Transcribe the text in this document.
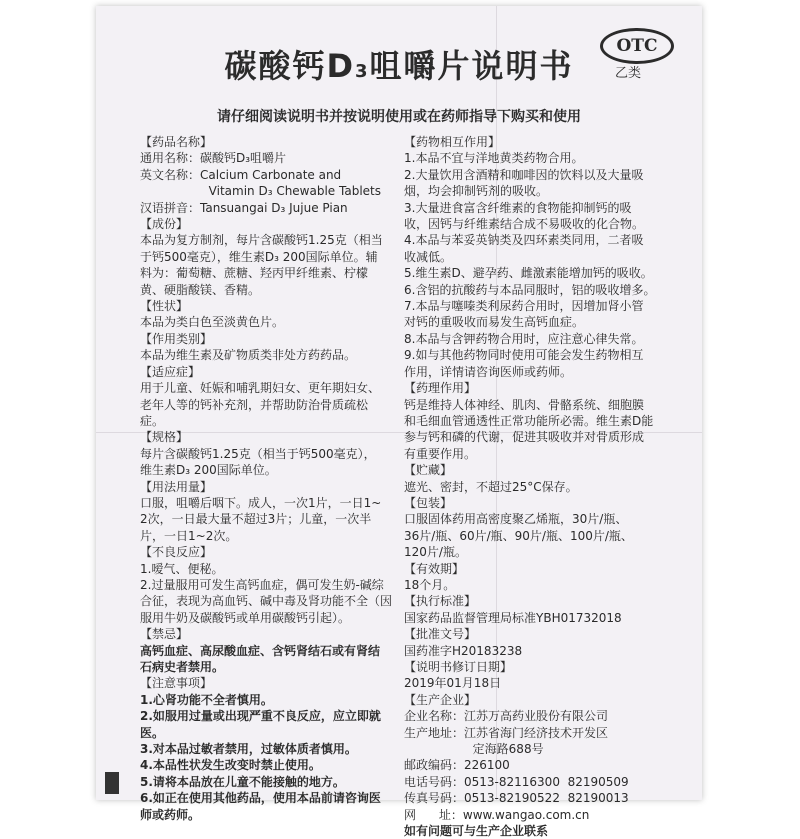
OTC
乙类
碳酸钙D3咀嚼片说明书
请仔细阅读说明书并按说明使用或在药师指导下购买和使用

【药品名称】

通用名称：碳酸钙D₃咀嚼片

英文名称：Calcium Carbonate and

Vitamin D₃ Chewable Tablets

汉语拼音：Tansuangai D₃ Jujue Pian

【成份】

本品为复方制剂，每片含碳酸钙1.25克（相当

于钙500毫克），维生素D₃ 200国际单位。辅

料为：葡萄糖、蔗糖、羟丙甲纤维素、柠檬

黄、硬脂酸镁、香精。

【性状】

本品为类白色至淡黄色片。

【作用类别】

本品为维生素及矿物质类非处方药药品。

【适应症】

用于儿童、妊娠和哺乳期妇女、更年期妇女、

老年人等的钙补充剂，并帮助防治骨质疏松

症。

【规格】

每片含碳酸钙1.25克（相当于钙500毫克），

维生素D₃ 200国际单位。

【用法用量】

口服，咀嚼后咽下。成人，一次1片，一日1~

2次，一日最大量不超过3片；儿童，一次半

片，一日1~2次。

【不良反应】

1.嗳气、便秘。

2.过量服用可发生高钙血症，偶可发生奶-碱综

合征，表现为高血钙、碱中毒及肾功能不全（因

服用牛奶及碳酸钙或单用碳酸钙引起）。

【禁忌】

高钙血症、高尿酸血症、含钙肾结石或有肾结

石病史者禁用。

【注意事项】

1.心肾功能不全者慎用。

2.如服用过量或出现严重不良反应，应立即就

医。

3.对本品过敏者禁用，过敏体质者慎用。

4.本品性状发生改变时禁止使用。

5.请将本品放在儿童不能接触的地方。

6.如正在使用其他药品，使用本品前请咨询医

师或药师。

【药物相互作用】

1.本品不宜与洋地黄类药物合用。

2.大量饮用含酒精和咖啡因的饮料以及大量吸

烟，均会抑制钙剂的吸收。

3.大量进食富含纤维素的食物能抑制钙的吸

收，因钙与纤维素结合成不易吸收的化合物。

4.本品与苯妥英钠类及四环素类同用，二者吸

收减低。

5.维生素D、避孕药、雌激素能增加钙的吸收。

6.含铝的抗酸药与本品同服时，铝的吸收增多。

7.本品与噻嗪类利尿药合用时，因增加肾小管

对钙的重吸收而易发生高钙血症。

8.本品与含钾药物合用时，应注意心律失常。

9.如与其他药物同时使用可能会发生药物相互

作用，详情请咨询医师或药师。

【药理作用】

钙是维持人体神经、肌肉、骨骼系统、细胞膜

和毛细血管通透性正常功能所必需。维生素D能

参与钙和磷的代谢，促进其吸收并对骨质形成

有重要作用。

【贮藏】

遮光、密封，不超过25°C保存。

【包装】

口服固体药用高密度聚乙烯瓶，30片/瓶、

36片/瓶、60片/瓶、90片/瓶、100片/瓶、

120片/瓶。

【有效期】

18个月。

【执行标准】

国家药品监督管理局标准YBH01732018

【批准文号】

国药准字H20183238

【说明书修订日期】

2019年01月18日

【生产企业】

企业名称：江苏万高药业股份有限公司

生产地址：江苏省海门经济技术开发区

定海路688号

邮政编码：226100

电话号码：0513-82116300  82190509

传真号码：0513-82190522  82190013

网      址：www.wangao.com.cn

如有问题可与生产企业联系
